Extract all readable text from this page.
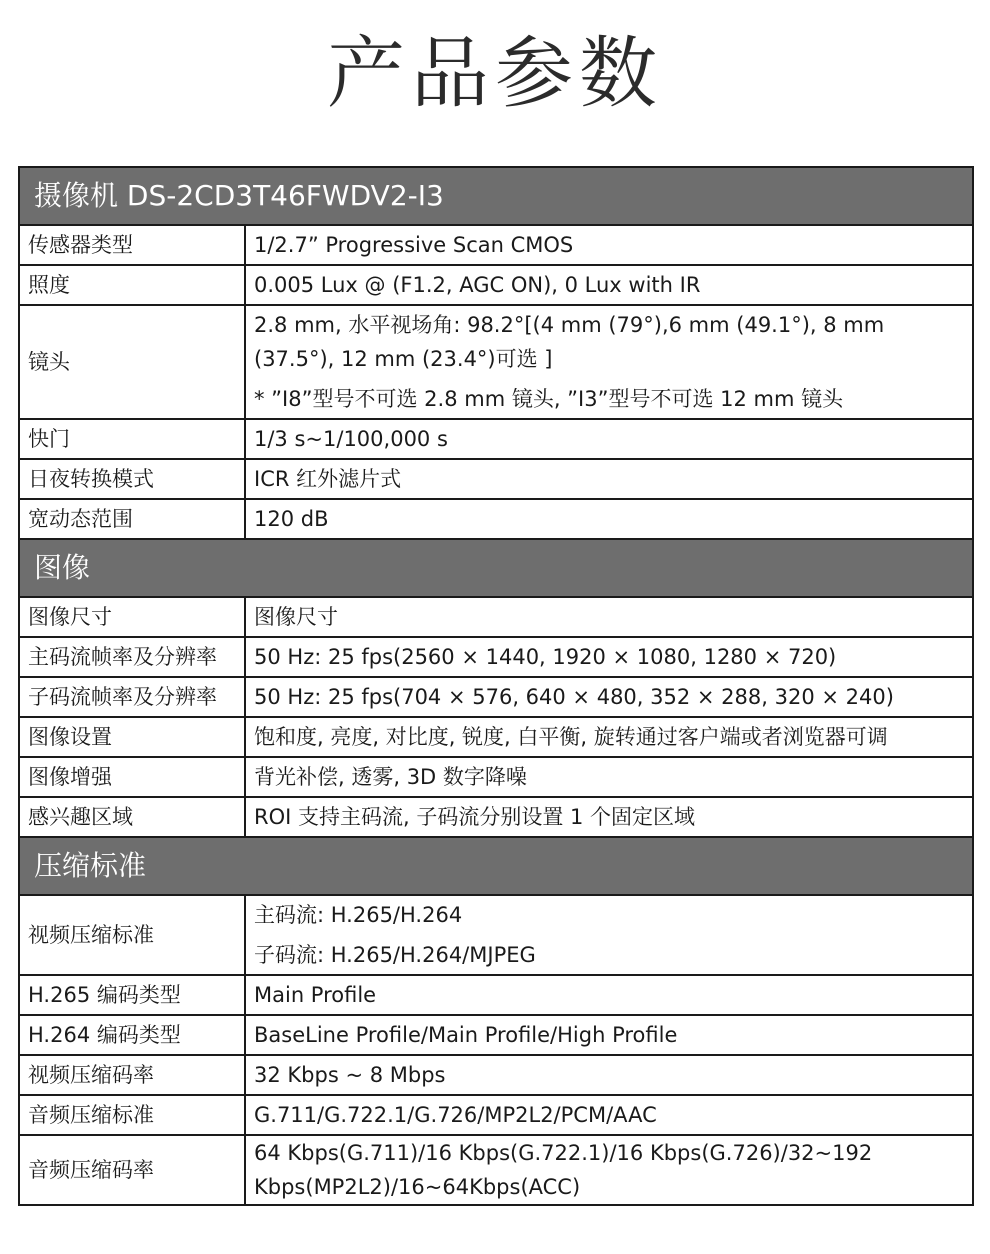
产品参数
摄像机 DS-2CD3T46FWDV2-I3	
传感器类型	1/2.7” Progressive Scan CMOS

照度	0.005 Lux @ (F1.2, AGC ON), 0 Lux with IR

镜头	2.8 mm, 水平视场角: 98.2°[(4 mm (79°),6 mm (49.1°), 8 mm (37.5°), 12 mm (23.4°)可选 ]
* ”I8”型号不可选 2.8 mm 镜头, ”I3”型号不可选 12 mm 镜头

快门	1/3 s~1/100,000 s

日夜转换模式	ICR 红外滤片式

宽动态范围	120 dB

图像	
图像尺寸	图像尺寸

主码流帧率及分辨率	50 Hz: 25 fps(2560 × 1440, 1920 × 1080, 1280 × 720)

子码流帧率及分辨率	50 Hz: 25 fps(704 × 576, 640 × 480, 352 × 288, 320 × 240)

图像设置	饱和度, 亮度, 对比度, 锐度, 白平衡, 旋转通过客户端或者浏览器可调

图像增强	背光补偿, 透雾, 3D 数字降噪

感兴趣区域	ROI 支持主码流, 子码流分别设置 1 个固定区域

压缩标准	
视频压缩标准	主码流: H.265/H.264
子码流: H.265/H.264/MJPEG

H.265 编码类型	Main Profile

H.264 编码类型	BaseLine Profile/Main Profile/High Profile

视频压缩码率	32 Kbps ~ 8 Mbps

音频压缩标准	G.711/G.722.1/G.726/MP2L2/PCM/AAC

音频压缩码率	64 Kbps(G.711)/16 Kbps(G.722.1)/16 Kbps(G.726)/32~192 Kbps(MP2L2)/16~64Kbps(ACC)
